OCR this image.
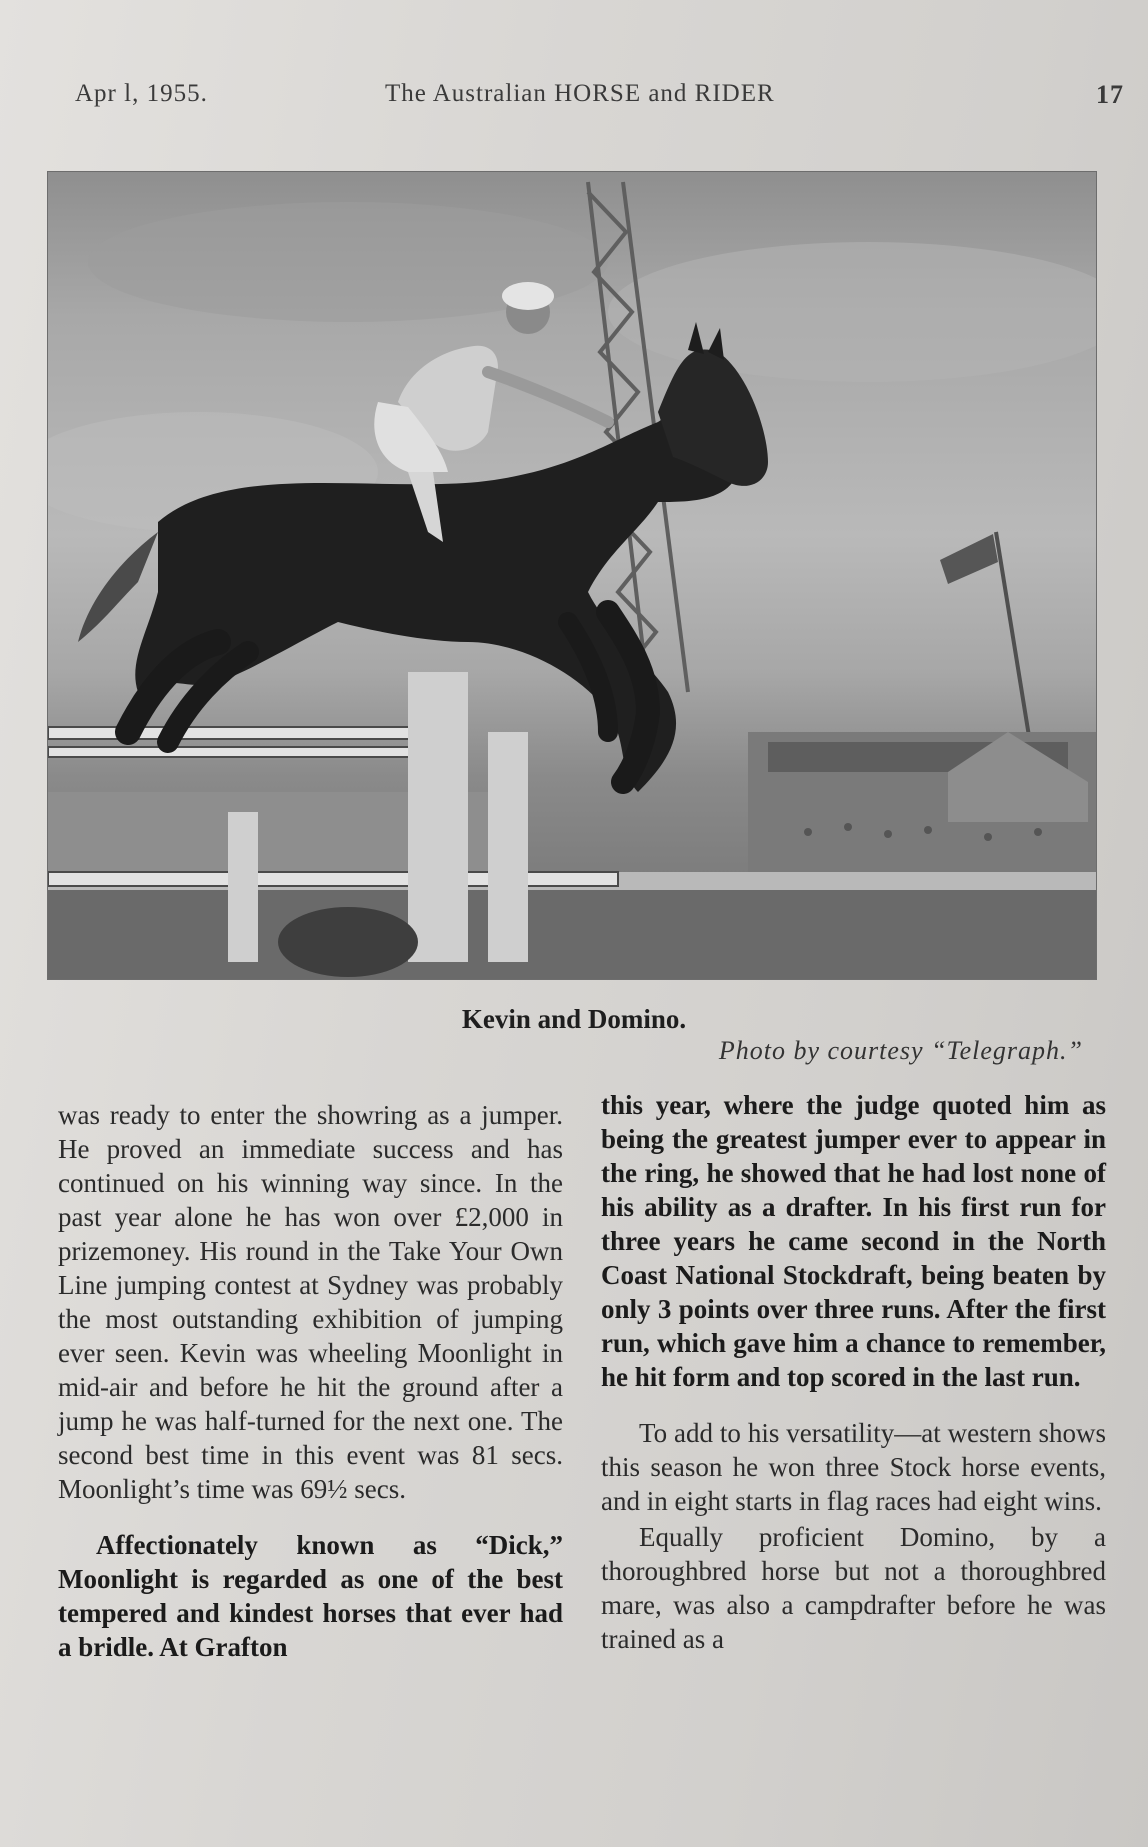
Apr l, 1955.	The Australian HORSE and RIDER	17
Kevin and Domino.
Photo by courtesy “Telegraph.”

was ready to enter the showring as a jumper. He proved an immediate success and has continued on his winning way since. In the past year alone he has won over £2,000 in prizemoney. His round in the Take Your Own Line jumping contest at Sydney was probably the most outstanding exhibition of jumping ever seen. Kevin was wheeling Moonlight in mid-air and before he hit the ground after a jump he was half-turned for the next one. The second best time in this event was 81 secs. Moonlight’s time was 69½ secs.

Affectionately known as “Dick,” Moonlight is regarded as one of the best tempered and kindest horses that ever had a bridle. At Grafton

this year, where the judge quoted him as being the greatest jumper ever to appear in the ring, he showed that he had lost none of his ability as a drafter. In his first run for three years he came second in the North Coast National Stockdraft, being beaten by only 3 points over three runs. After the first run, which gave him a chance to remember, he hit form and top scored in the last run.

To add to his versatility—at western shows this season he won three Stock horse events, and in eight starts in flag races had eight wins.

Equally proficient Domino, by a thoroughbred horse but not a thoroughbred mare, was also a campdrafter before he was trained as a
